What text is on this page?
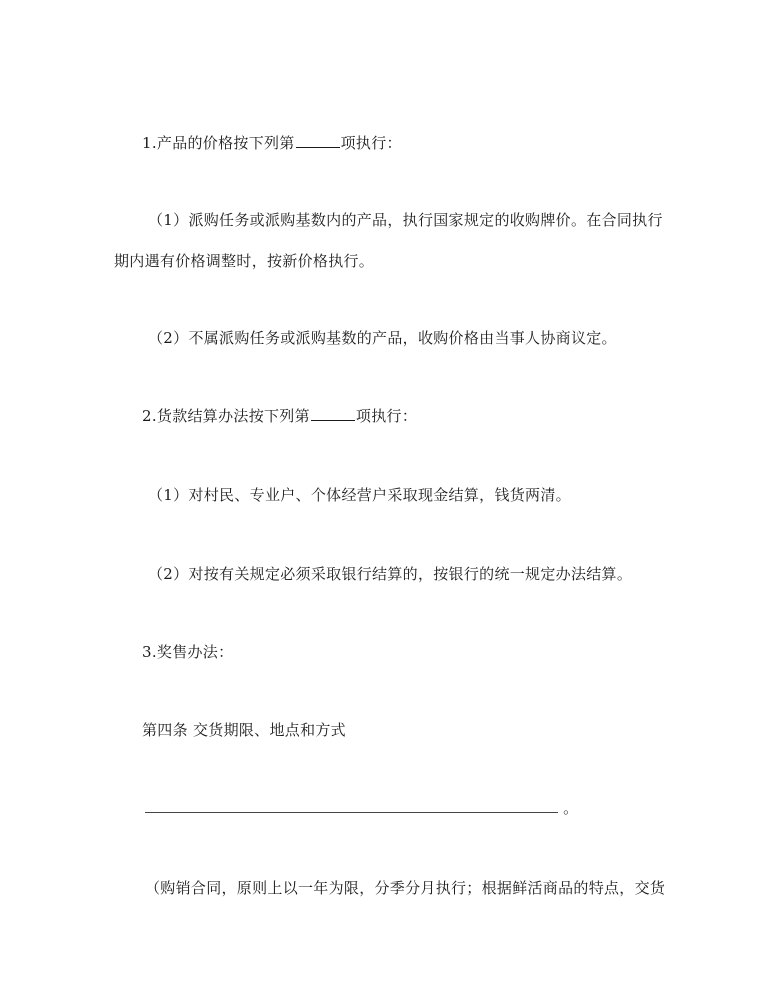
1.产品的价格按下列第	项执行：
（1）派购任务或派购基数内的产品，执行国家规定的收购牌价。在合同执行
期内遇有价格调整时，按新价格执行。
（2）不属派购任务或派购基数的产品，收购价格由当事人协商议定。
2.货款结算办法按下列第	项执行：
（1）对村民、专业户、个体经营户采取现金结算，钱货两清。
（2）对按有关规定必须采取银行结算的，按银行的统一规定办法结算。
3.奖售办法：
第四条 交货期限、地点和方式
。
（购销合同，原则上以一年为限，分季分月执行；根据鲜活商品的特点，交货
